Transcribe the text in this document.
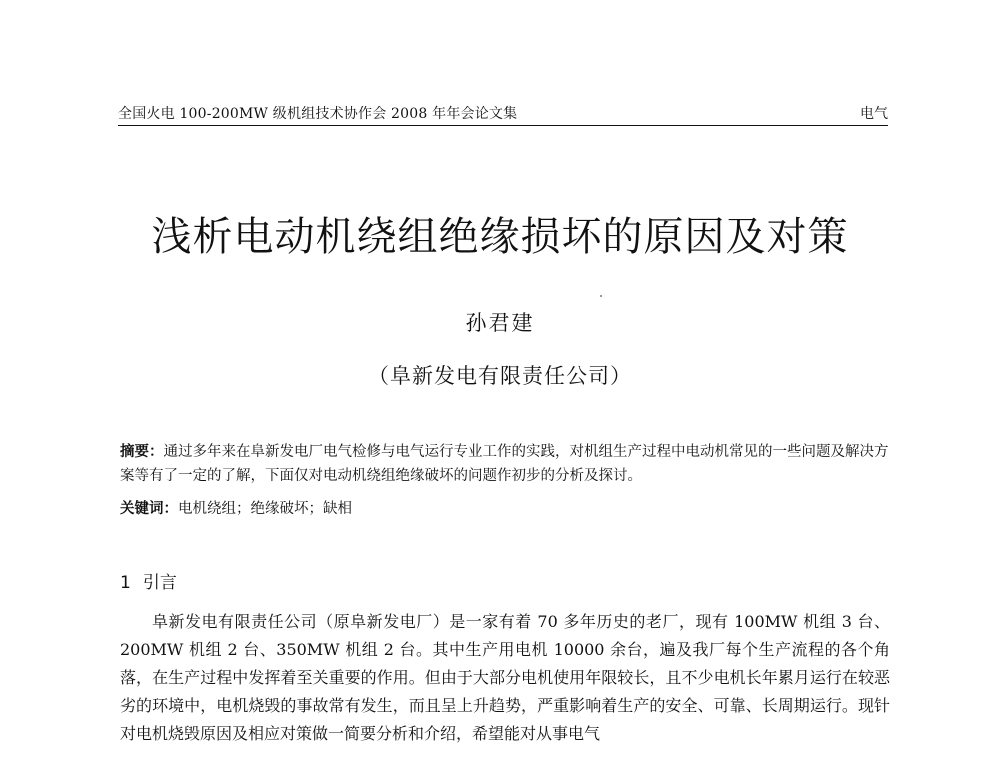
全国火电 100-200MW 级机组技术协作会 2008 年年会论文集	电气
浅析电动机绕组绝缘损坏的原因及对策
孙君建
（阜新发电有限责任公司）
摘要：通过多年来在阜新发电厂电气检修与电气运行专业工作的实践，对机组生产过程中电动机常见的一些问题及解决方案等有了一定的了解，下面仅对电动机绕组绝缘破坏的问题作初步的分析及探讨。
关键词：电机绕组；绝缘破坏；缺相
1 引言
阜新发电有限责任公司（原阜新发电厂）是一家有着 70 多年历史的老厂，现有 100MW 机组 3 台、200MW 机组 2 台、350MW 机组 2 台。其中生产用电机 10000 余台，遍及我厂每个生产流程的各个角落，在生产过程中发挥着至关重要的作用。但由于大部分电机使用年限较长，且不少电机长年累月运行在较恶劣的环境中，电机烧毁的事故常有发生，而且呈上升趋势，严重影响着生产的安全、可靠、长周期运行。现针对电机烧毁原因及相应对策做一简要分析和介绍，希望能对从事电气
